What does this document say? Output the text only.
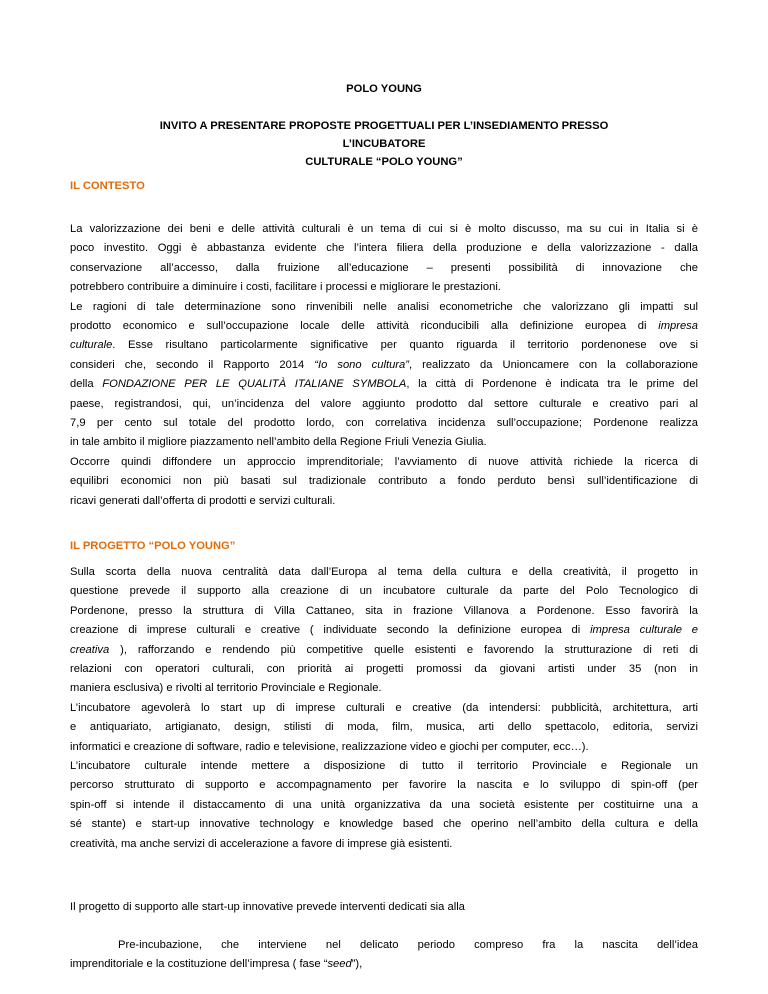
POLO YOUNG
INVITO A PRESENTARE PROPOSTE PROGETTUALI PER L’INSEDIAMENTO PRESSO L’INCUBATORE
CULTURALE “POLO YOUNG”
IL CONTESTO
La valorizzazione dei beni e delle attività culturali è un tema di cui si è molto discusso, ma su cui in Italia si è
poco investito. Oggi è abbastanza evidente che l’intera filiera della produzione e della valorizzazione - dalla
conservazione all’accesso, dalla fruizione all’educazione – presenti possibilità di innovazione che
potrebbero contribuire a diminuire i costi, facilitare i processi e migliorare le prestazioni.
Le ragioni di tale determinazione sono rinvenibili nelle analisi econometriche che valorizzano gli impatti sul
prodotto economico e sull’occupazione locale delle attività riconducibili alla definizione europea di impresa
culturale. Esse risultano particolarmente significative per quanto riguarda il territorio pordenonese ove si
consideri che, secondo il Rapporto 2014 “Io sono cultura”, realizzato da Unioncamere con la collaborazione
della FONDAZIONE PER LE QUALITÀ ITALIANE SYMBOLA, la città di Pordenone è indicata tra le prime del
paese, registrandosi, qui, un’incidenza del valore aggiunto prodotto dal settore culturale e creativo pari al
7,9 per cento sul totale del prodotto lordo, con correlativa incidenza sull’occupazione; Pordenone realizza
in tale ambito il migliore piazzamento nell’ambito della Regione Friuli Venezia Giulia.
Occorre quindi diffondere un approccio imprenditoriale; l’avviamento di nuove attività richiede la ricerca di
equilibri economici non più basati sul tradizionale contributo a fondo perduto bensì sull’identificazione di
ricavi generati dall’offerta di prodotti e servizi culturali.
IL PROGETTO “POLO YOUNG”
Sulla scorta della nuova centralità data dall’Europa al tema della cultura e della creatività, il progetto in
questione prevede il supporto alla creazione di un incubatore culturale da parte del Polo Tecnologico di
Pordenone, presso la struttura di Villa Cattaneo, sita in frazione Villanova a Pordenone. Esso favorirà la
creazione di imprese culturali e creative ( individuate secondo la definizione europea di impresa culturale e
creativa ), rafforzando e rendendo più competitive quelle esistenti e favorendo la strutturazione di reti di
relazioni con operatori culturali, con priorità ai progetti promossi da giovani artisti under 35 (non in
maniera esclusiva) e rivolti al territorio Provinciale e Regionale.
L’incubatore agevolerà lo start up di imprese culturali e creative (da intendersi: pubblicità, architettura, arti
e antiquariato, artigianato, design, stilisti di moda, film, musica, arti dello spettacolo, editoria, servizi
informatici e creazione di software, radio e televisione, realizzazione video e giochi per computer, ecc…).
L’incubatore culturale intende mettere a disposizione di tutto il territorio Provinciale e Regionale un
percorso strutturato di supporto e accompagnamento per favorire la nascita e lo sviluppo di spin-off (per
spin-off si intende il distaccamento di una unità organizzativa da una società esistente per costituirne una a
sé stante) e start-up innovative technology e knowledge based che operino nell’ambito della cultura e della
creatività, ma anche servizi di accelerazione a favore di imprese già esistenti.
Il progetto di supporto alle start-up innovative prevede interventi dedicati sia alla
Pre-incubazione, che interviene nel delicato periodo compreso fra la nascita dell’idea
imprenditoriale e la costituzione dell’impresa ( fase “seed”),
